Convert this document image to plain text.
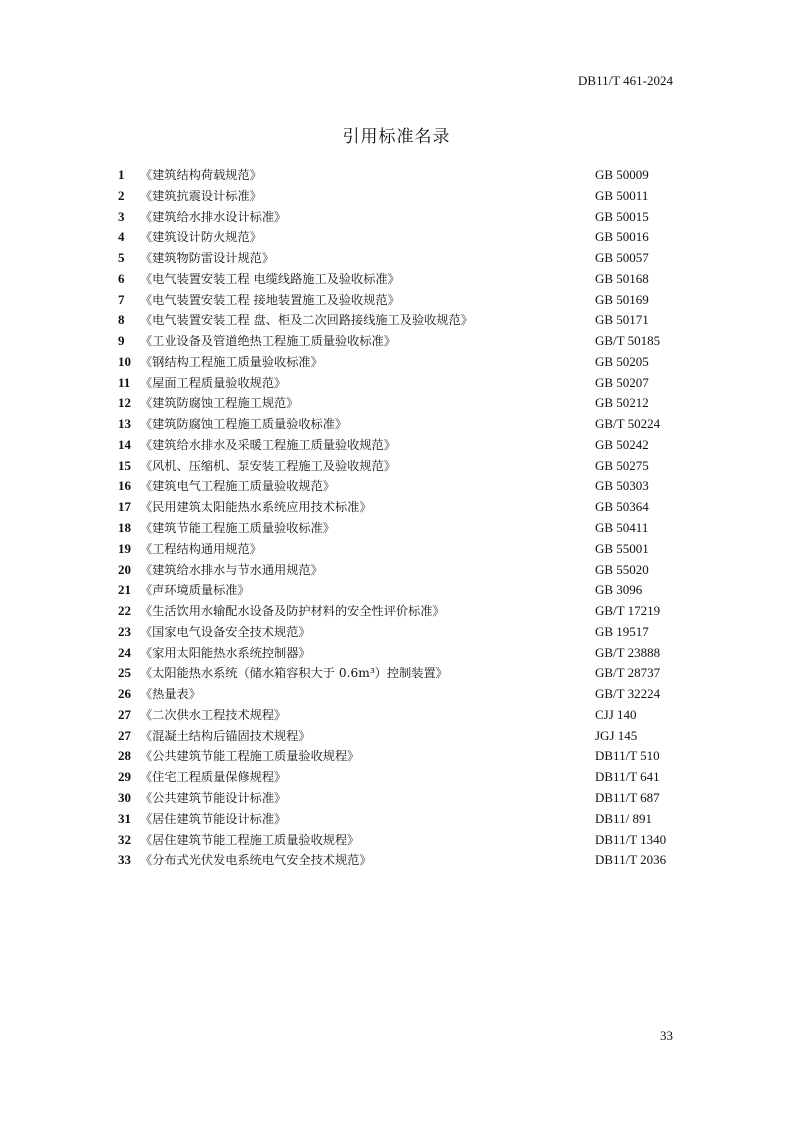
DB11/T 461-2024
引用标准名录
1	《建筑结构荷载规范》	GB 50009
2	《建筑抗震设计标准》	GB 50011
3	《建筑给水排水设计标准》	GB 50015
4	《建筑设计防火规范》	GB 50016
5	《建筑物防雷设计规范》	GB 50057
6	《电气装置安装工程 电缆线路施工及验收标准》	GB 50168
7	《电气装置安装工程 接地装置施工及验收规范》	GB 50169
8	《电气装置安装工程 盘、柜及二次回路接线施工及验收规范》	GB 50171
9	《工业设备及管道绝热工程施工质量验收标准》	GB/T 50185
10 《钢结构工程施工质量验收标准》	GB 50205
11 《屋面工程质量验收规范》	GB 50207
12 《建筑防腐蚀工程施工规范》	GB 50212
13 《建筑防腐蚀工程施工质量验收标准》	GB/T 50224
14 《建筑给水排水及采暖工程施工质量验收规范》	GB 50242
15 《风机、压缩机、泵安装工程施工及验收规范》	GB 50275
16 《建筑电气工程施工质量验收规范》	GB 50303
17 《民用建筑太阳能热水系统应用技术标准》	GB 50364
18 《建筑节能工程施工质量验收标准》	GB 50411
19 《工程结构通用规范》	GB 55001
20 《建筑给水排水与节水通用规范》	GB 55020
21 《声环境质量标准》	GB 3096
22 《生活饮用水输配水设备及防护材料的安全性评价标准》	GB/T 17219
23 《国家电气设备安全技术规范》	GB 19517
24 《家用太阳能热水系统控制器》	GB/T 23888
25 《太阳能热水系统（储水箱容积大于 0.6m³）控制装置》	GB/T 28737
26 《热量表》	GB/T 32224
27 《二次供水工程技术规程》	CJJ 140
27 《混凝土结构后锚固技术规程》	JGJ 145
28 《公共建筑节能工程施工质量验收规程》	DB11/T 510
29 《住宅工程质量保修规程》	DB11/T 641
30 《公共建筑节能设计标准》	DB11/T 687
31 《居住建筑节能设计标准》	DB11/ 891
32 《居住建筑节能工程施工质量验收规程》	DB11/T 1340
33 《分布式光伏发电系统电气安全技术规范》	DB11/T 2036
33
